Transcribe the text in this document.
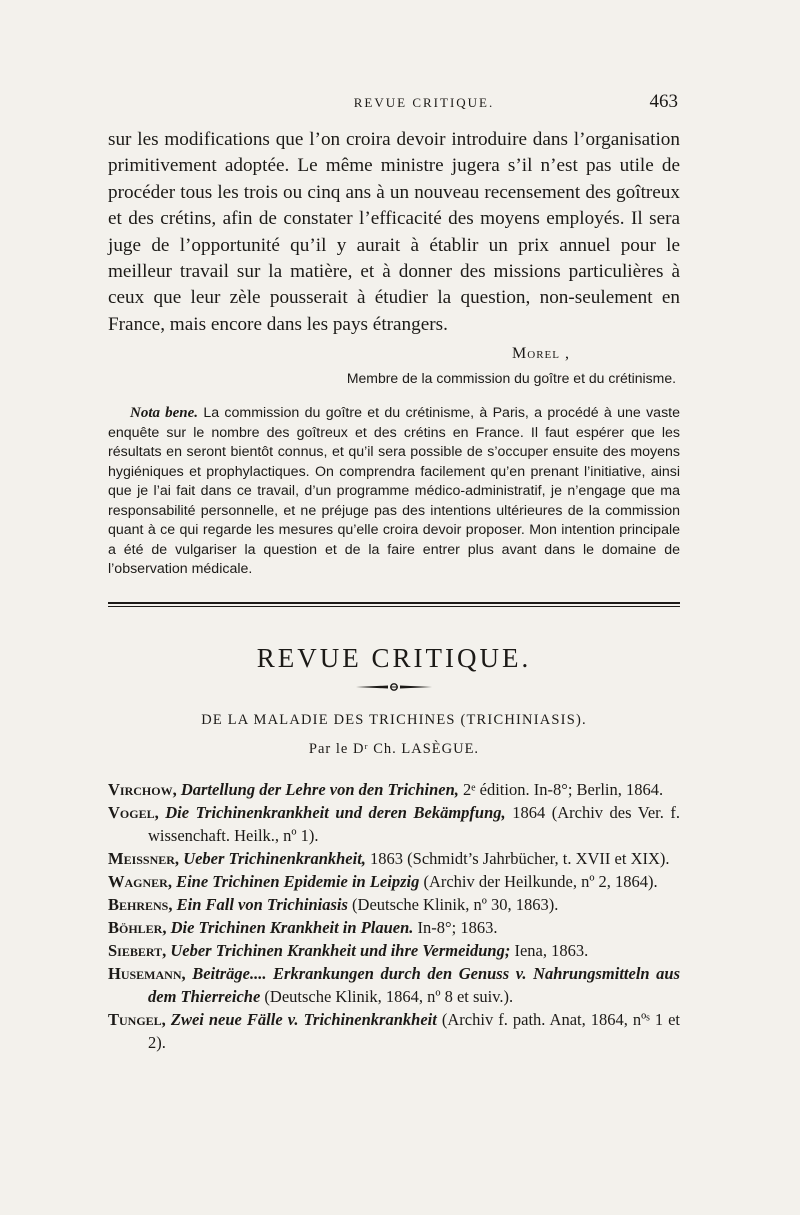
REVUE CRITIQUE.	463

sur les modifications que l’on croira devoir introduire dans l’organisation primitivement adoptée. Le même ministre jugera s’il n’est pas utile de procéder tous les trois ou cinq ans à un nouveau recensement des goîtreux et des crétins, afin de constater l’efficacité des moyens employés. Il sera juge de l’opportunité qu’il y aurait à établir un prix annuel pour le meilleur travail sur la matière, et à donner des missions particulières à ceux que leur zèle pousserait à étudier la question, non-seulement en France, mais encore dans les pays étrangers.

Morel ,
Membre de la commission du goître et du crétinisme.
Nota bene. La commission du goître et du crétinisme, à Paris, a procédé à une vaste enquête sur le nombre des goîtreux et des crétins en France. Il faut espérer que les résultats en seront bientôt connus, et qu’il sera possible de s’occuper ensuite des moyens hygiéniques et prophylactiques. On comprendra facilement qu’en prenant l’initiative, ainsi que je l’ai fait dans ce travail, d’un programme médico-administratif, je n’engage que ma responsabilité personnelle, et ne préjuge pas des intentions ultérieures de la commission quant à ce qui regarde les mesures qu’elle croira devoir proposer. Mon intention principale a été de vulgariser la question et de la faire entrer plus avant dans le domaine de l’observation médicale.
REVUE CRITIQUE.
DE LA MALADIE DES TRICHINES (TRICHINIASIS).
Par le Dʳ Ch. LASÈGUE.
Virchow, Dartellung der Lehre von den Trichinen, 2ᵉ édition. In-8°; Berlin, 1864.
Vogel, Die Trichinenkrankheit und deren Bekämpfung, 1864 (Archiv des Ver. f. wissenchaft. Heilk., nº 1).
Meissner, Ueber Trichinenkrankheit, 1863 (Schmidt’s Jahrbücher, t. XVII et XIX).
Wagner, Eine Trichinen Epidemie in Leipzig (Archiv der Heilkunde, nº 2, 1864).
Behrens, Ein Fall von Trichiniasis (Deutsche Klinik, nº 30, 1863).
Böhler, Die Trichinen Krankheit in Plauen. In-8°; 1863.
Siebert, Ueber Trichinen Krankheit und ihre Vermeidung; Iena, 1863.
Husemann, Beiträge.... Erkrankungen durch den Genuss v. Nahrungsmitteln aus dem Thierreiche (Deutsche Klinik, 1864, nº 8 et suiv.).
Tungel, Zwei neue Fälle v. Trichinenkrankheit (Archiv f. path. Anat, 1864, nºˢ 1 et 2).
